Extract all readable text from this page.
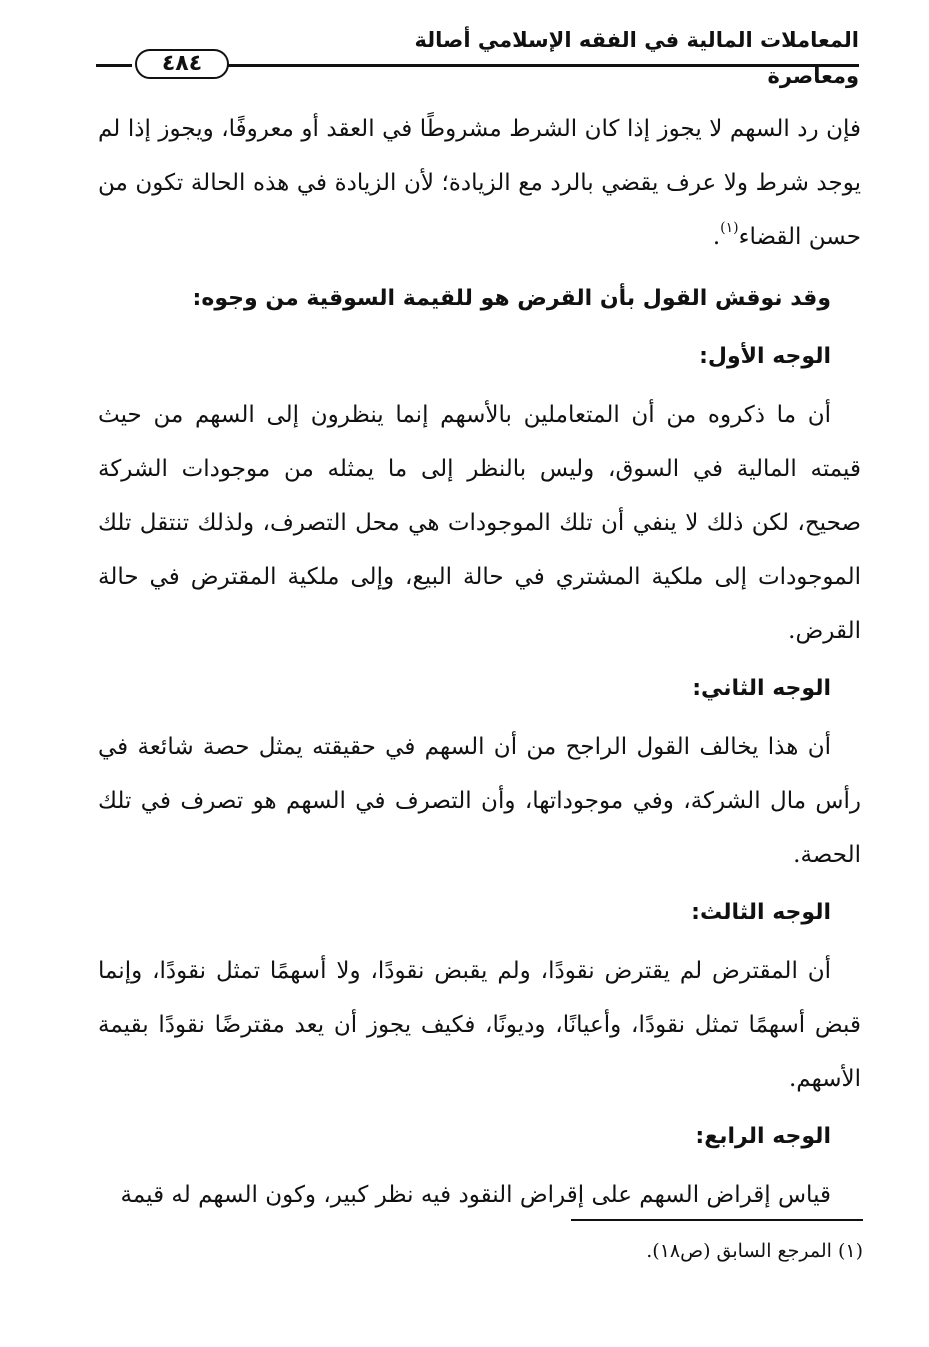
المعاملات المالية في الفقه الإسلامي أصالة ومعاصرة
٤٨٤

فإن رد السهم لا يجوز إذا كان الشرط مشروطًا في العقد أو معروفًا، ويجوز إذا لم يوجد شرط ولا عرف يقضي بالرد مع الزيادة؛ لأن الزيادة في هذه الحالة تكون من حسن القضاء$^{(١)}$.

وقد نوقش القول بأن القرض هو للقيمة السوقية من وجوه:

الوجه الأول:

أن ما ذكروه من أن المتعاملين بالأسهم إنما ينظرون إلى السهم من حيث قيمته المالية في السوق، وليس بالنظر إلى ما يمثله من موجودات الشركة صحيح، لكن ذلك لا ينفي أن تلك الموجودات هي محل التصرف، ولذلك تنتقل تلك الموجودات إلى ملكية المشتري في حالة البيع، وإلى ملكية المقترض في حالة القرض.

الوجه الثاني:

أن هذا يخالف القول الراجح من أن السهم في حقيقته يمثل حصة شائعة في رأس مال الشركة، وفي موجوداتها، وأن التصرف في السهم هو تصرف في تلك الحصة.

الوجه الثالث:

أن المقترض لم يقترض نقودًا، ولم يقبض نقودًا، ولا أسهمًا تمثل نقودًا، وإنما قبض أسهمًا تمثل نقودًا، وأعيانًا، وديونًا، فكيف يجوز أن يعد مقترضًا نقودًا بقيمة الأسهم.

الوجه الرابع:

قياس إقراض السهم على إقراض النقود فيه نظر كبير، وكون السهم له قيمة

(١) المرجع السابق (ص١٨).
